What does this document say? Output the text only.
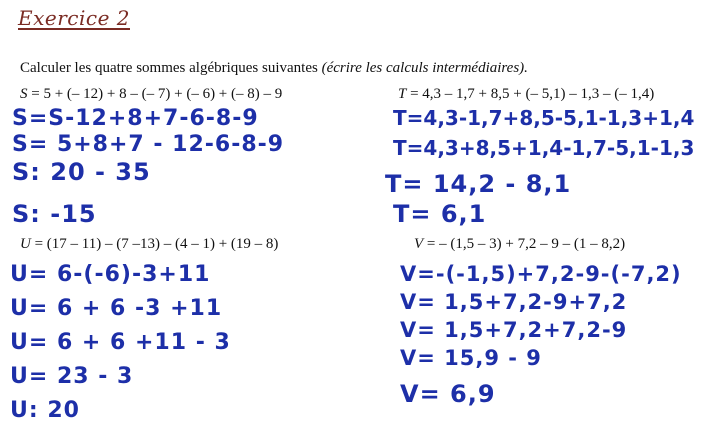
Exercice 2
Calculer les quatre sommes algébriques suivantes (écrire les calculs intermédiaires).
S = 5 + (– 12) + 8 – (– 7) + (– 6) + (– 8) – 9
S=S-12+8+7-6-8-9
S= 5+8+7 - 12-6-8-9
S: 20 - 35
S: -15
T = 4,3 – 1,7 + 8,5 + (– 5,1) – 1,3 – (– 1,4)
T=4,3-1,7+8,5-5,1-1,3+1,4
T=4,3+8,5+1,4-1,7-5,1-1,3
T= 14,2 - 8,1
T= 6,1
U = (17 – 11) – (7 –13) – (4 – 1) + (19 – 8)
U= 6-(-6)-3+11
U= 6 + 6 -3 +11
U= 6 + 6 +11 - 3
U= 23 - 3
U: 20
V = – (1,5 – 3) + 7,2 – 9 – (1 – 8,2)
V=-(-1,5)+7,2-9-(-7,2)
V= 1,5+7,2-9+7,2
V= 1,5+7,2+7,2-9
V= 15,9 - 9
V= 6,9
